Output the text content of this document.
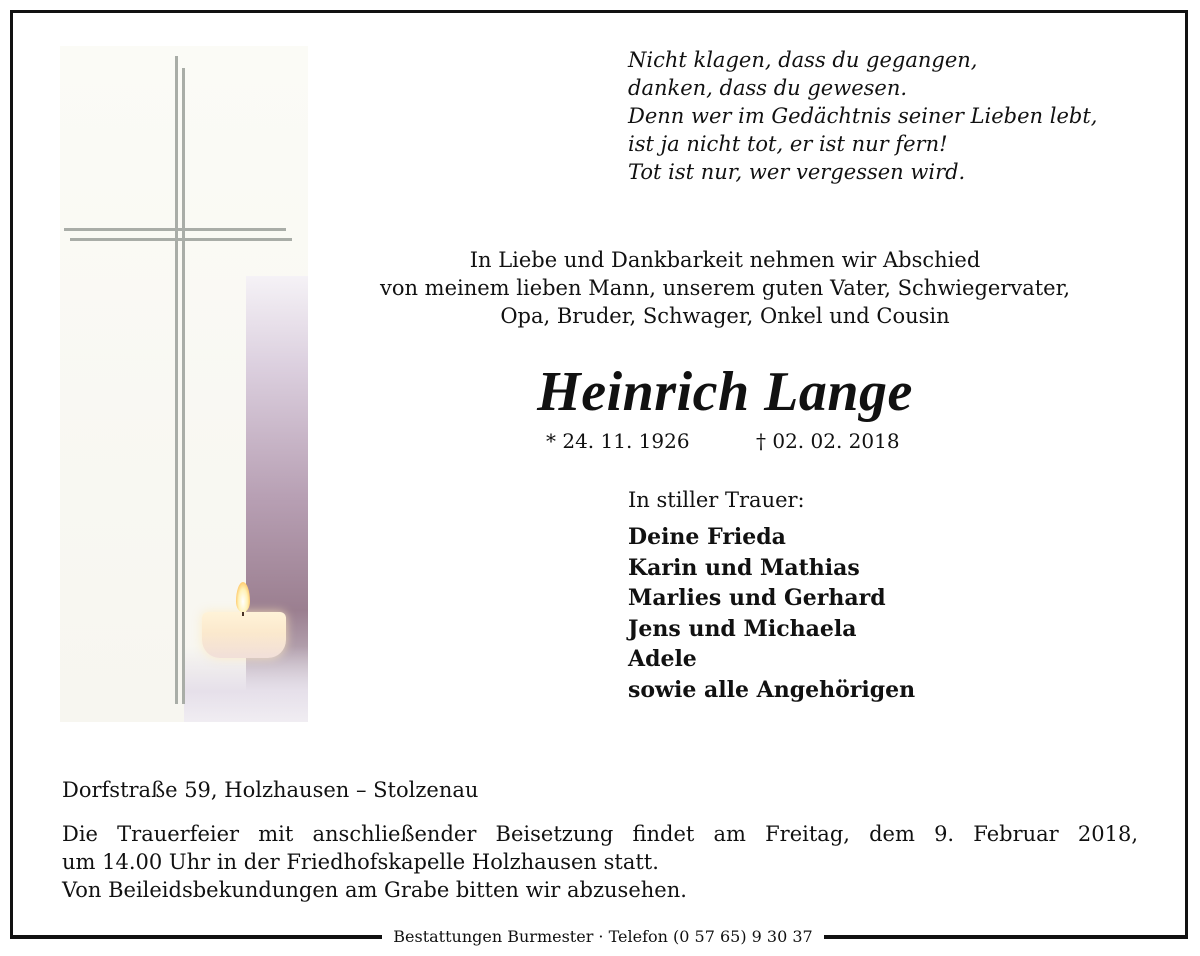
Nicht klagen, dass du gegangen,
danken, dass du gewesen.
Denn wer im Gedächtnis seiner Lieben lebt,
ist ja nicht tot, er ist nur fern!
Tot ist nur, wer vergessen wird.
In Liebe und Dankbarkeit nehmen wir Abschied
von meinem lieben Mann, unserem guten Vater, Schwiegervater,
Opa, Bruder, Schwager, Onkel und Cousin
Heinrich Lange
* 24. 11. 1926	† 02. 02. 2018
In stiller Trauer:
Deine Frieda
Karin und Mathias
Marlies und Gerhard
Jens und Michaela
Adele
sowie alle Angehörigen
Dorfstraße 59, Holzhausen – Stolzenau
Die Trauerfeier mit anschließender Beisetzung findet am Freitag, dem 9. Februar 2018,
um 14.00 Uhr in der Friedhofskapelle Holzhausen statt.
Von Beileidsbekundungen am Grabe bitten wir abzusehen.
Bestattungen Burmester · Telefon (0 57 65) 9 30 37
